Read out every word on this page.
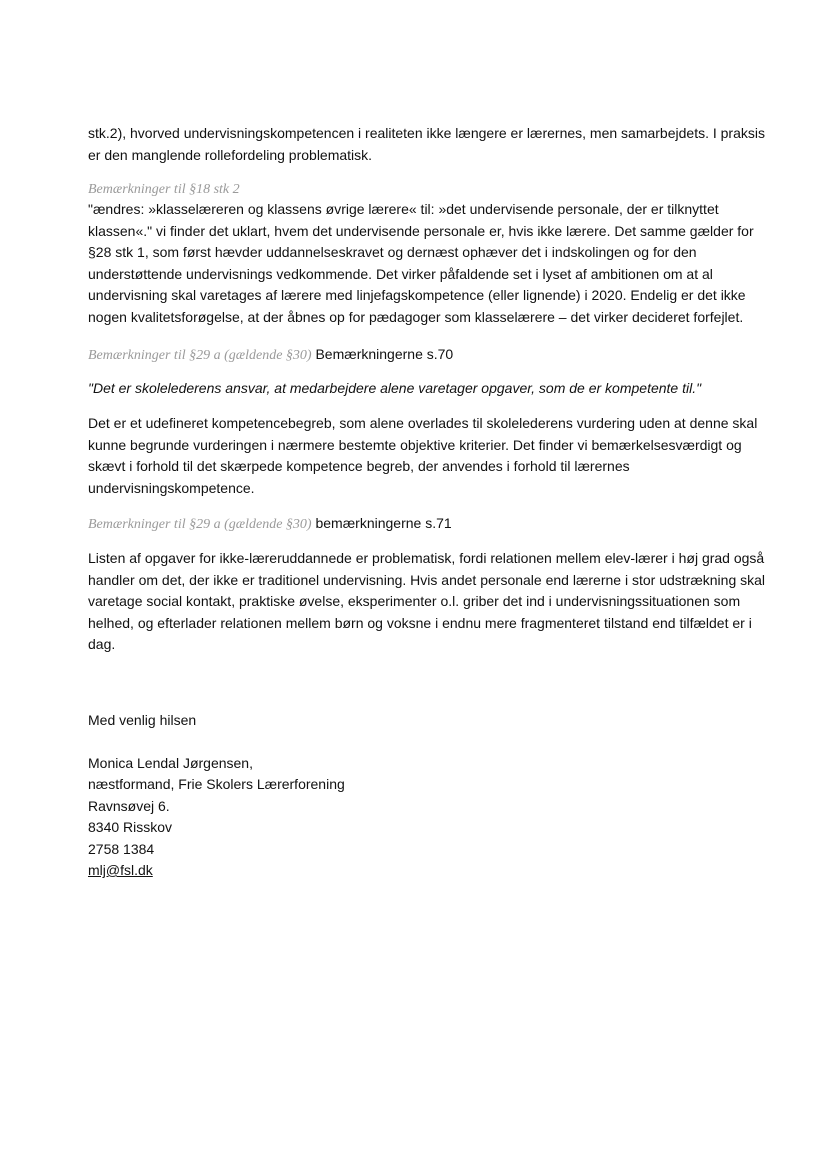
stk.2), hvorved undervisningskompetencen i realiteten ikke længere er lærernes, men samarbejdets. I praksis er den manglende rollefordeling problematisk.

Bemærkninger til §18 stk 2

"ændres: »klasselæreren og klassens øvrige lærere« til: »det undervisende personale, der er tilknyttet klassen«." vi finder det uklart, hvem det undervisende personale er, hvis ikke lærere. Det samme gælder for §28 stk 1, som først hævder uddannelseskravet og dernæst ophæver det i indskolingen og for den understøttende undervisnings vedkommende. Det virker påfaldende set i lyset af ambitionen om at al undervisning skal varetages af lærere med linjefagskompetence (eller lignende) i 2020. Endelig er det ikke nogen kvalitetsforøgelse, at der åbnes op for pædagoger som klasselærere – det virker decideret forfejlet.

Bemærkninger til §29 a (gældende §30) Bemærkningerne s.70

"Det er skolelederens ansvar, at medarbejdere alene varetager opgaver, som de er kompetente til."

Det er et udefineret kompetencebegreb, som alene overlades til skolelederens vurdering uden at denne skal kunne begrunde vurderingen i nærmere bestemte objektive kriterier. Det finder vi bemærkelsesværdigt og skævt i forhold til det skærpede kompetence begreb, der anvendes i forhold til lærernes undervisningskompetence.

Bemærkninger til §29 a (gældende §30) bemærkningerne s.71

Listen af opgaver for ikke-læreruddannede er problematisk, fordi relationen mellem elev-lærer i høj grad også handler om det, der ikke er traditionel undervisning. Hvis andet personale end lærerne i stor udstrækning skal varetage social kontakt, praktiske øvelse, eksperimenter o.l. griber det ind i undervisningssituationen som helhed, og efterlader relationen mellem børn og voksne i endnu mere fragmenteret tilstand end tilfældet er i dag.

Med venlig hilsen

Monica Lendal Jørgensen,

næstformand, Frie Skolers Lærerforening

Ravnsøvej 6.

8340 Risskov

2758 1384

mlj@fsl.dk
